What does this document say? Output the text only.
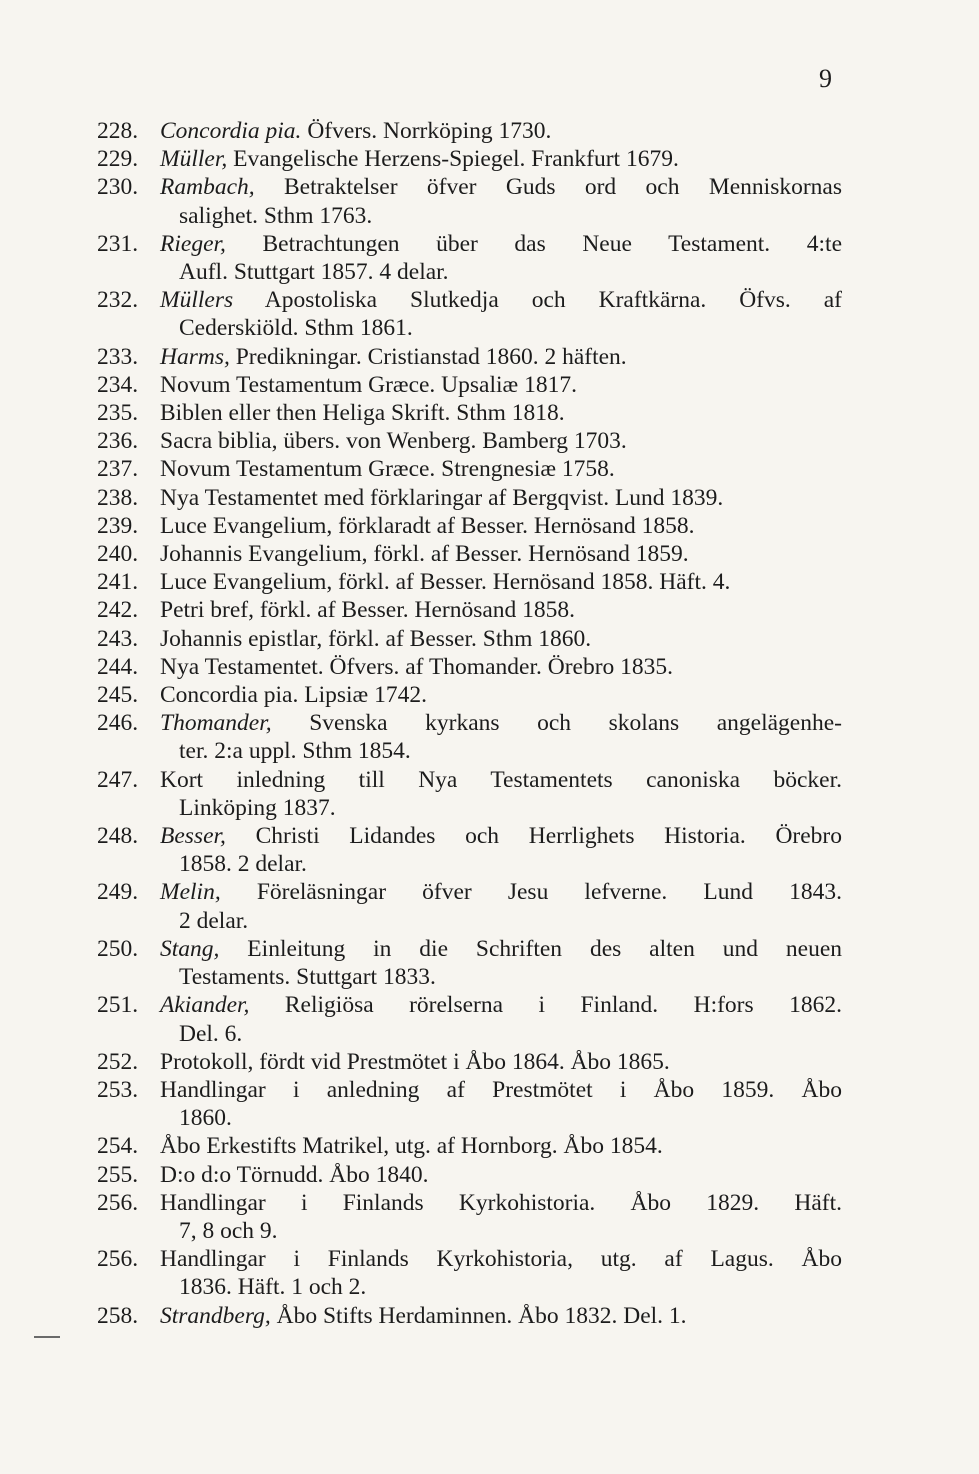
9
228. Concordia pia. Öfvers. Norrköping 1730.
229. Müller, Evangelische Herzens-Spiegel. Frankfurt 1679.
230. Rambach, Betraktelser öfver Guds ord och Menniskornas
salighet. Sthm 1763.
231. Rieger, Betrachtungen über das Neue Testament. 4:te
Aufl. Stuttgart 1857. 4 delar.
232. Müllers Apostoliska Slutkedja och Kraftkärna. Öfvs. af
Cederskiöld. Sthm 1861.
233. Harms, Predikningar. Cristianstad 1860. 2 häften.
234. Novum Testamentum Græce. Upsaliæ 1817.
235. Biblen eller then Heliga Skrift. Sthm 1818.
236. Sacra biblia, übers. von Wenberg. Bamberg 1703.
237. Novum Testamentum Græce. Strengnesiæ 1758.
238. Nya Testamentet med förklaringar af Bergqvist. Lund 1839.
239. Luce Evangelium, förklaradt af Besser. Hernösand 1858.
240. Johannis Evangelium, förkl. af Besser. Hernösand 1859.
241. Luce Evangelium, förkl. af Besser. Hernösand 1858. Häft. 4.
242. Petri bref, förkl. af Besser. Hernösand 1858.
243. Johannis epistlar, förkl. af Besser. Sthm 1860.
244. Nya Testamentet. Öfvers. af Thomander. Örebro 1835.
245. Concordia pia. Lipsiæ 1742.
246. Thomander, Svenska kyrkans och skolans angelägenhe-
ter. 2:a uppl. Sthm 1854.
247. Kort inledning till Nya Testamentets canoniska böcker.
Linköping 1837.
248. Besser, Christi Lidandes och Herrlighets Historia. Örebro
1858. 2 delar.
249. Melin, Föreläsningar öfver Jesu lefverne. Lund 1843.
2 delar.
250. Stang, Einleitung in die Schriften des alten und neuen
Testaments. Stuttgart 1833.
251. Akiander, Religiösa rörelserna i Finland. H:fors 1862.
Del. 6.
252. Protokoll, fördt vid Prestmötet i Åbo 1864. Åbo 1865.
253. Handlingar i anledning af Prestmötet i Åbo 1859. Åbo
1860.
254. Åbo Erkestifts Matrikel, utg. af Hornborg. Åbo 1854.
255. D:o d:o Törnudd. Åbo 1840.
256. Handlingar i Finlands Kyrkohistoria. Åbo 1829. Häft.
7, 8 och 9.
256. Handlingar i Finlands Kyrkohistoria, utg. af Lagus. Åbo
1836. Häft. 1 och 2.
258. Strandberg, Åbo Stifts Herdaminnen. Åbo 1832. Del. 1.
